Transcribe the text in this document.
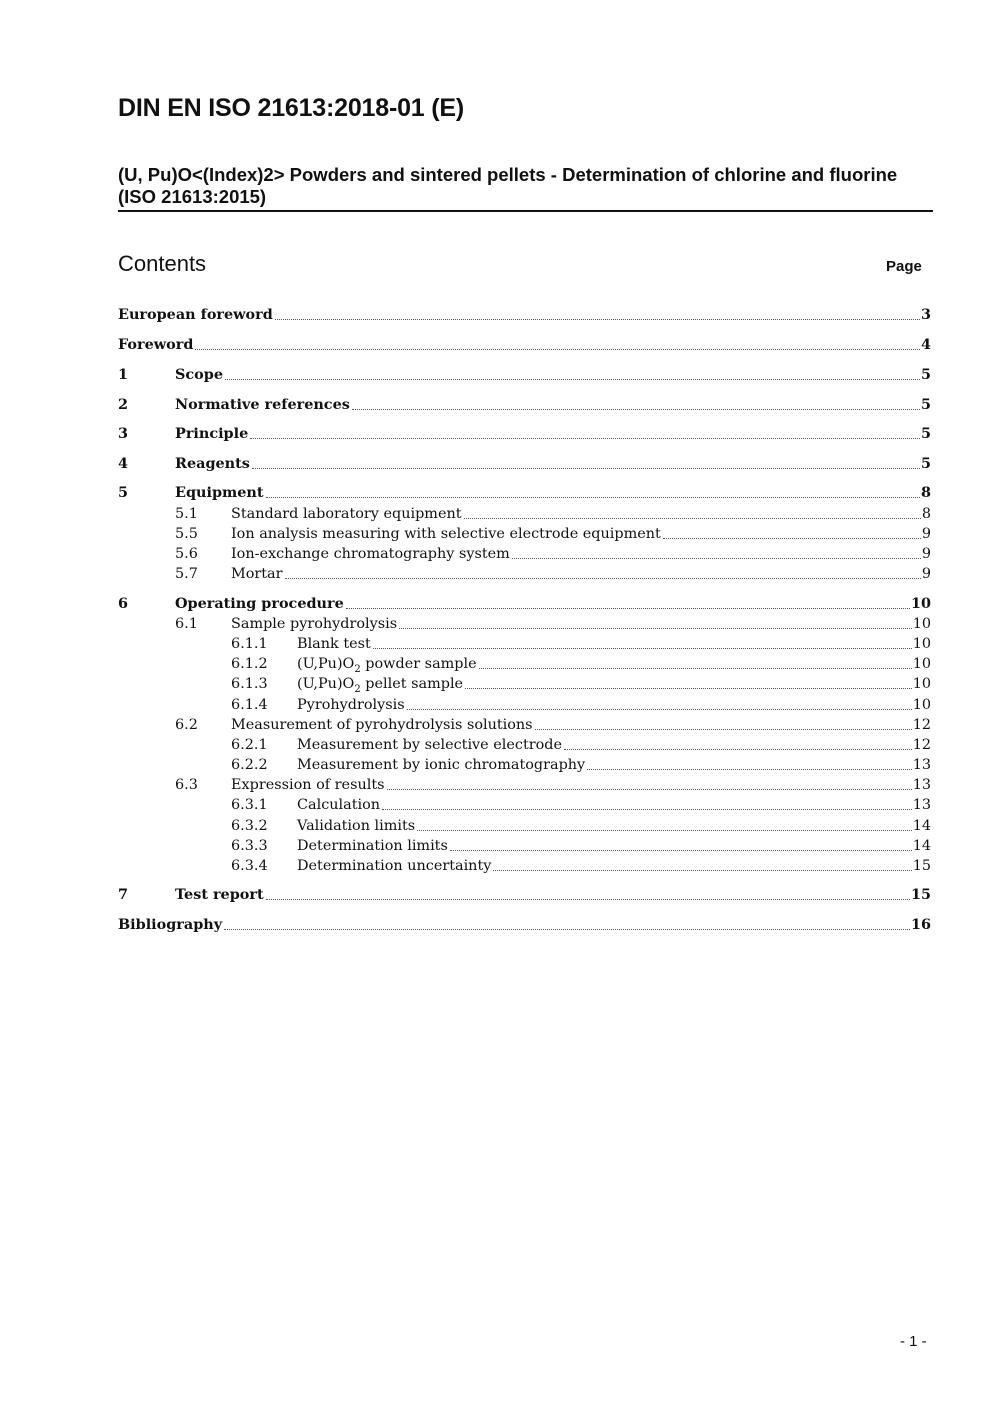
DIN EN ISO 21613:2018-01 (E)
(U, Pu)O<(Index)2> Powders and sintered pellets - Determination of chlorine and fluorine (ISO 21613:2015)
Contents	Page
European foreword	3
Foreword	4
1	Scope	5
2	Normative references	5
3	Principle	5
4	Reagents	5
5	Equipment	8
5.1	Standard laboratory equipment	8
5.5	Ion analysis measuring with selective electrode equipment	9
5.6	Ion-exchange chromatography system	9
5.7	Mortar	9
6	Operating procedure	10
6.1	Sample pyrohydrolysis	10
6.1.1	Blank test	10
6.1.2	$(U,Pu)O_2$ powder sample	10
6.1.3	$(U,Pu)O_2$ pellet sample	10
6.1.4	Pyrohydrolysis	10
6.2	Measurement of pyrohydrolysis solutions	12
6.2.1	Measurement by selective electrode	12
6.2.2	Measurement by ionic chromatography	13
6.3	Expression of results	13
6.3.1	Calculation	13
6.3.2	Validation limits	14
6.3.3	Determination limits	14
6.3.4	Determination uncertainty	15
7	Test report	15
Bibliography	16
- 1 -
